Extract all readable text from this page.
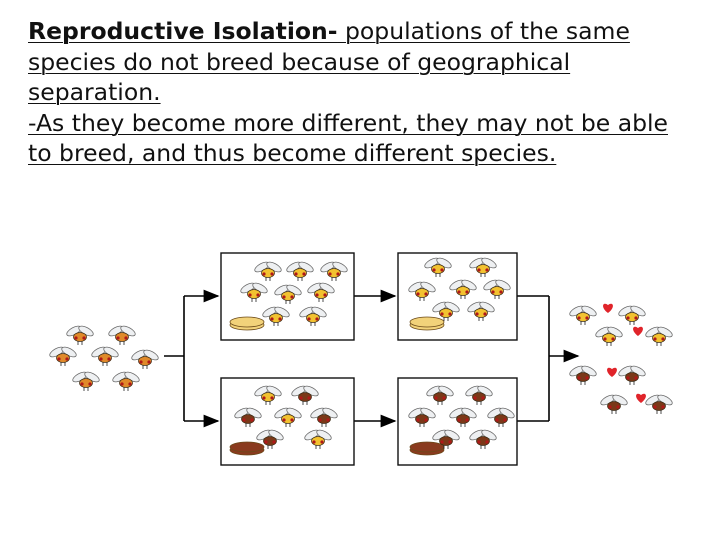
Reproductive Isolation- populations of the same species do not breed because of geographical separation.

-As they become more different, they may not be able to breed, and thus become different species.
